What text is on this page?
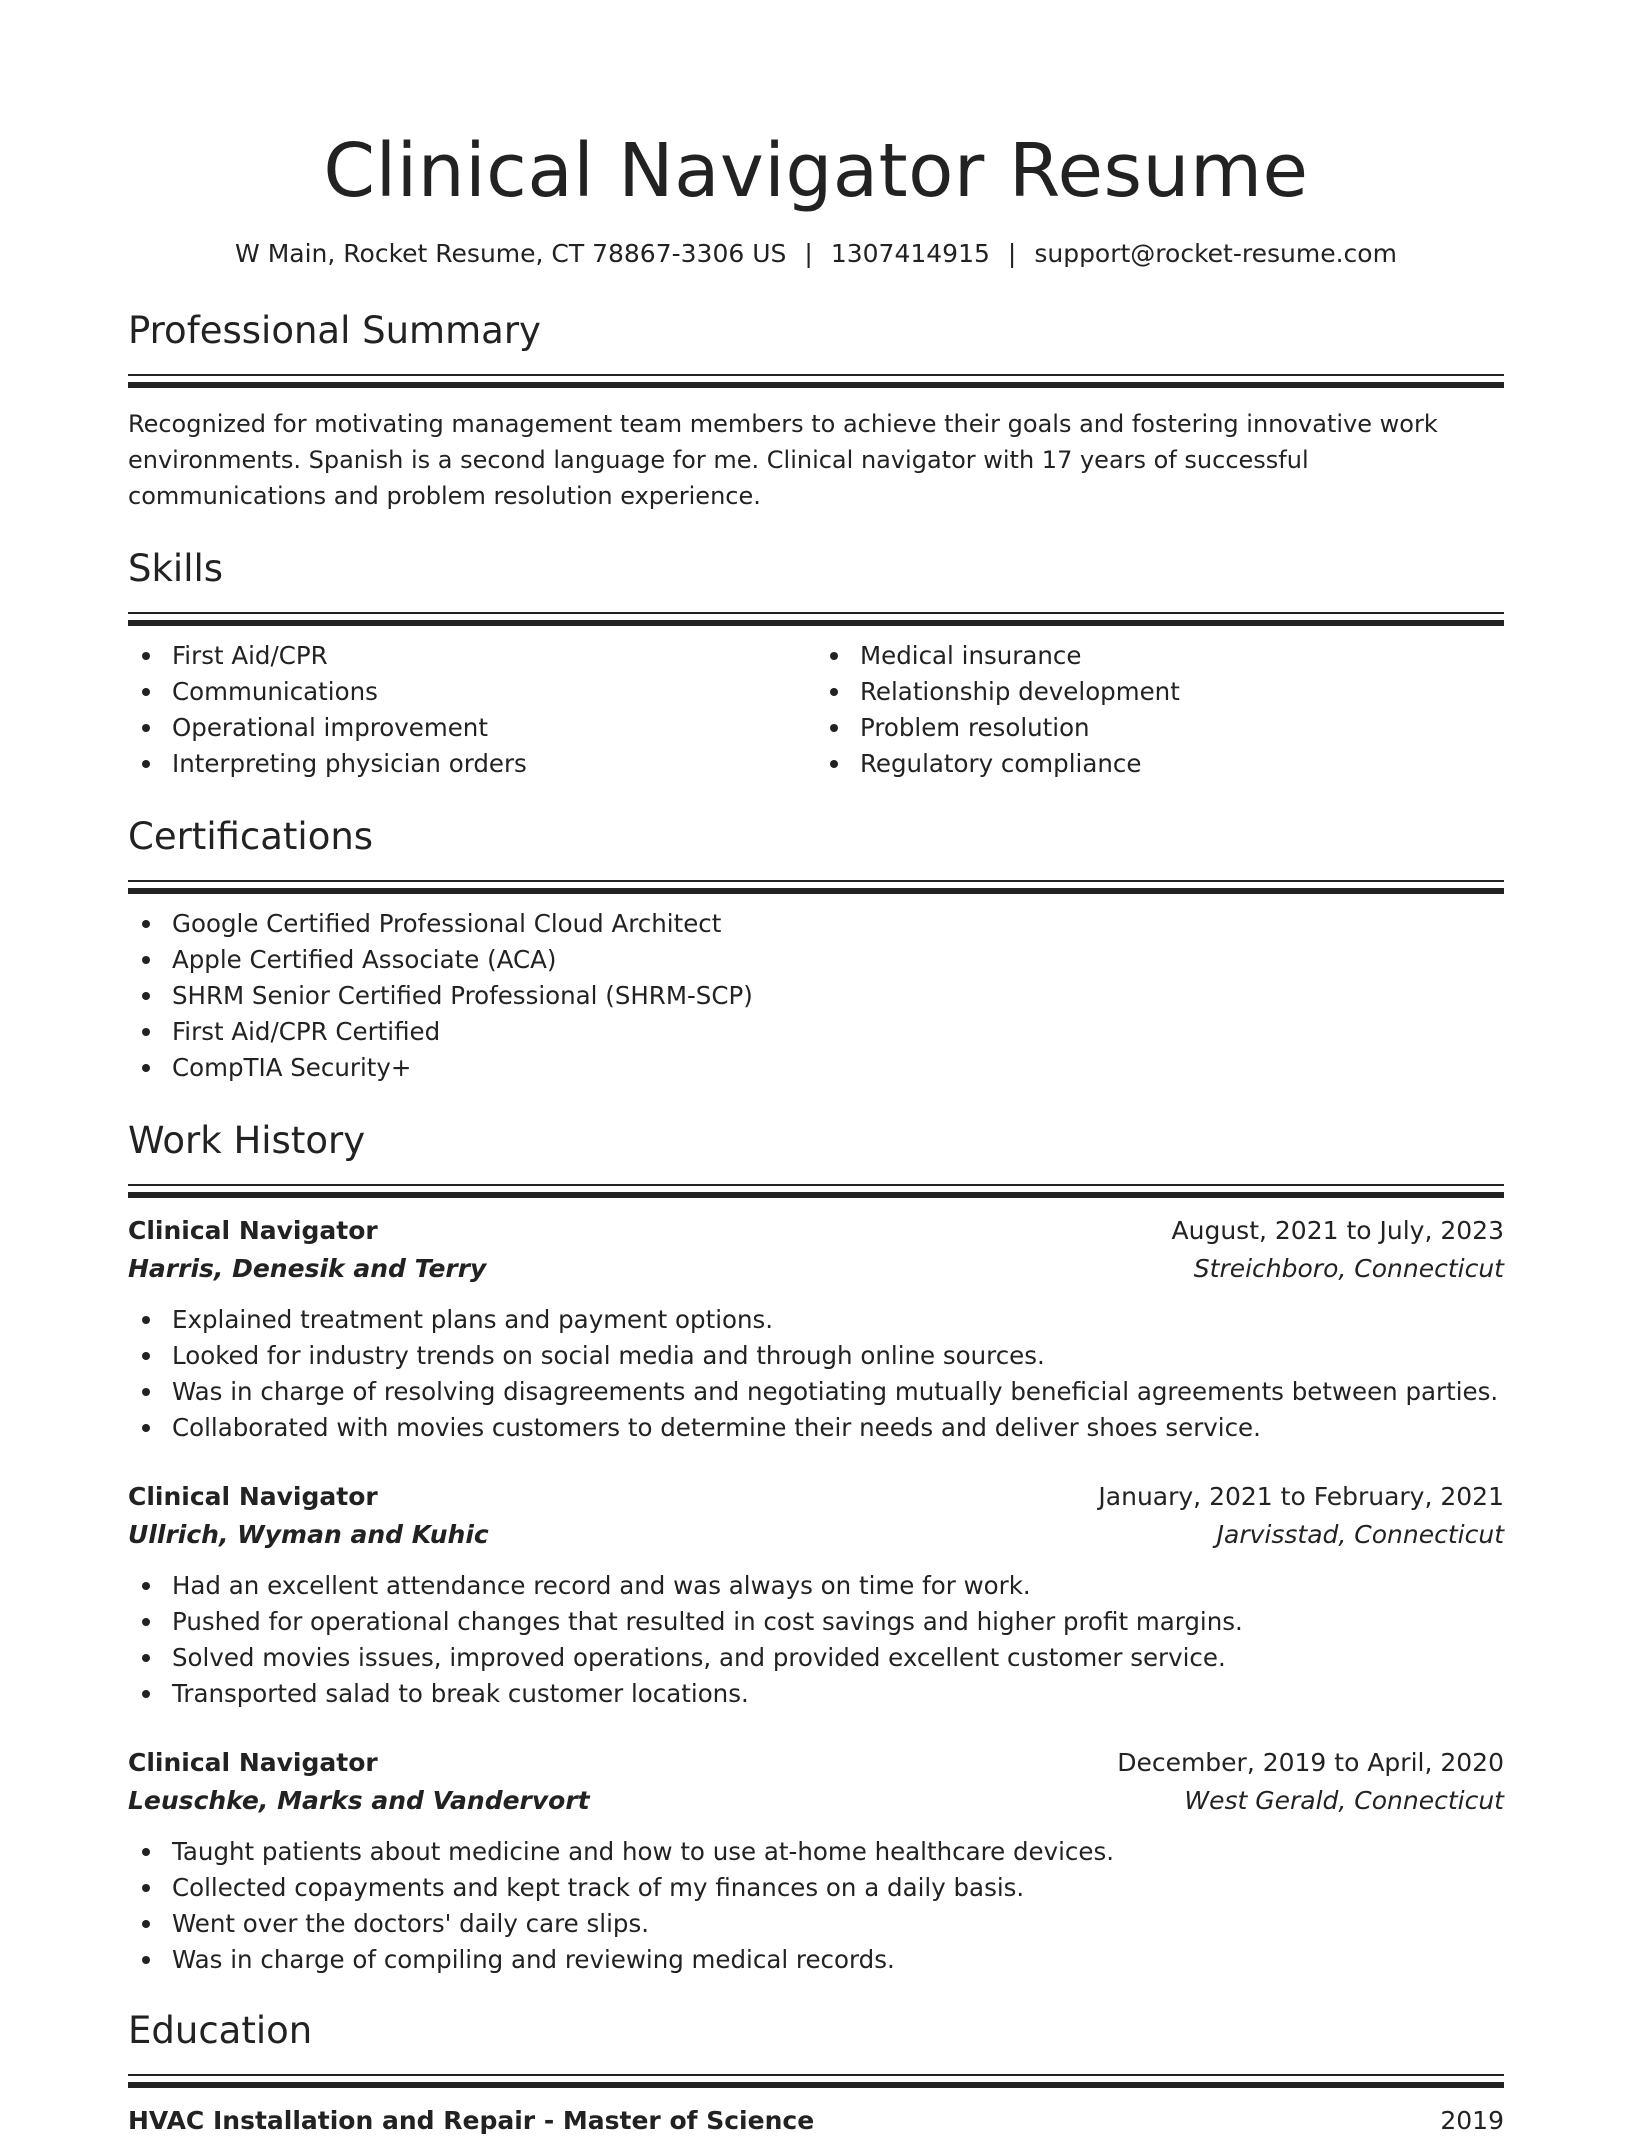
Clinical Navigator Resume
W Main, Rocket Resume, CT 78867-3306 US | 1307414915 | support@rocket-resume.com
Professional Summary
Recognized for motivating management team members to achieve their goals and fostering innovative work environments. Spanish is a second language for me. Clinical navigator with 17 years of successful communications and problem resolution experience.
Skills
First Aid/CPR
Communications
Operational improvement
Interpreting physician orders
Medical insurance
Relationship development
Problem resolution
Regulatory compliance
Certifications
Google Certified Professional Cloud Architect
Apple Certified Associate (ACA)
SHRM Senior Certified Professional (SHRM-SCP)
First Aid/CPR Certified
CompTIA Security+
Work History
Clinical Navigator	August, 2021 to July, 2023
Harris, Denesik and Terry	Streichboro, Connecticut
Explained treatment plans and payment options.
Looked for industry trends on social media and through online sources.
Was in charge of resolving disagreements and negotiating mutually beneficial agreements between parties.
Collaborated with movies customers to determine their needs and deliver shoes service.
Clinical Navigator	January, 2021 to February, 2021
Ullrich, Wyman and Kuhic	Jarvisstad, Connecticut
Had an excellent attendance record and was always on time for work.
Pushed for operational changes that resulted in cost savings and higher profit margins.
Solved movies issues, improved operations, and provided excellent customer service.
Transported salad to break customer locations.
Clinical Navigator	December, 2019 to April, 2020
Leuschke, Marks and Vandervort	West Gerald, Connecticut
Taught patients about medicine and how to use at-home healthcare devices.
Collected copayments and kept track of my finances on a daily basis.
Went over the doctors' daily care slips.
Was in charge of compiling and reviewing medical records.
Education
HVAC Installation and Repair - Master of Science	2019
